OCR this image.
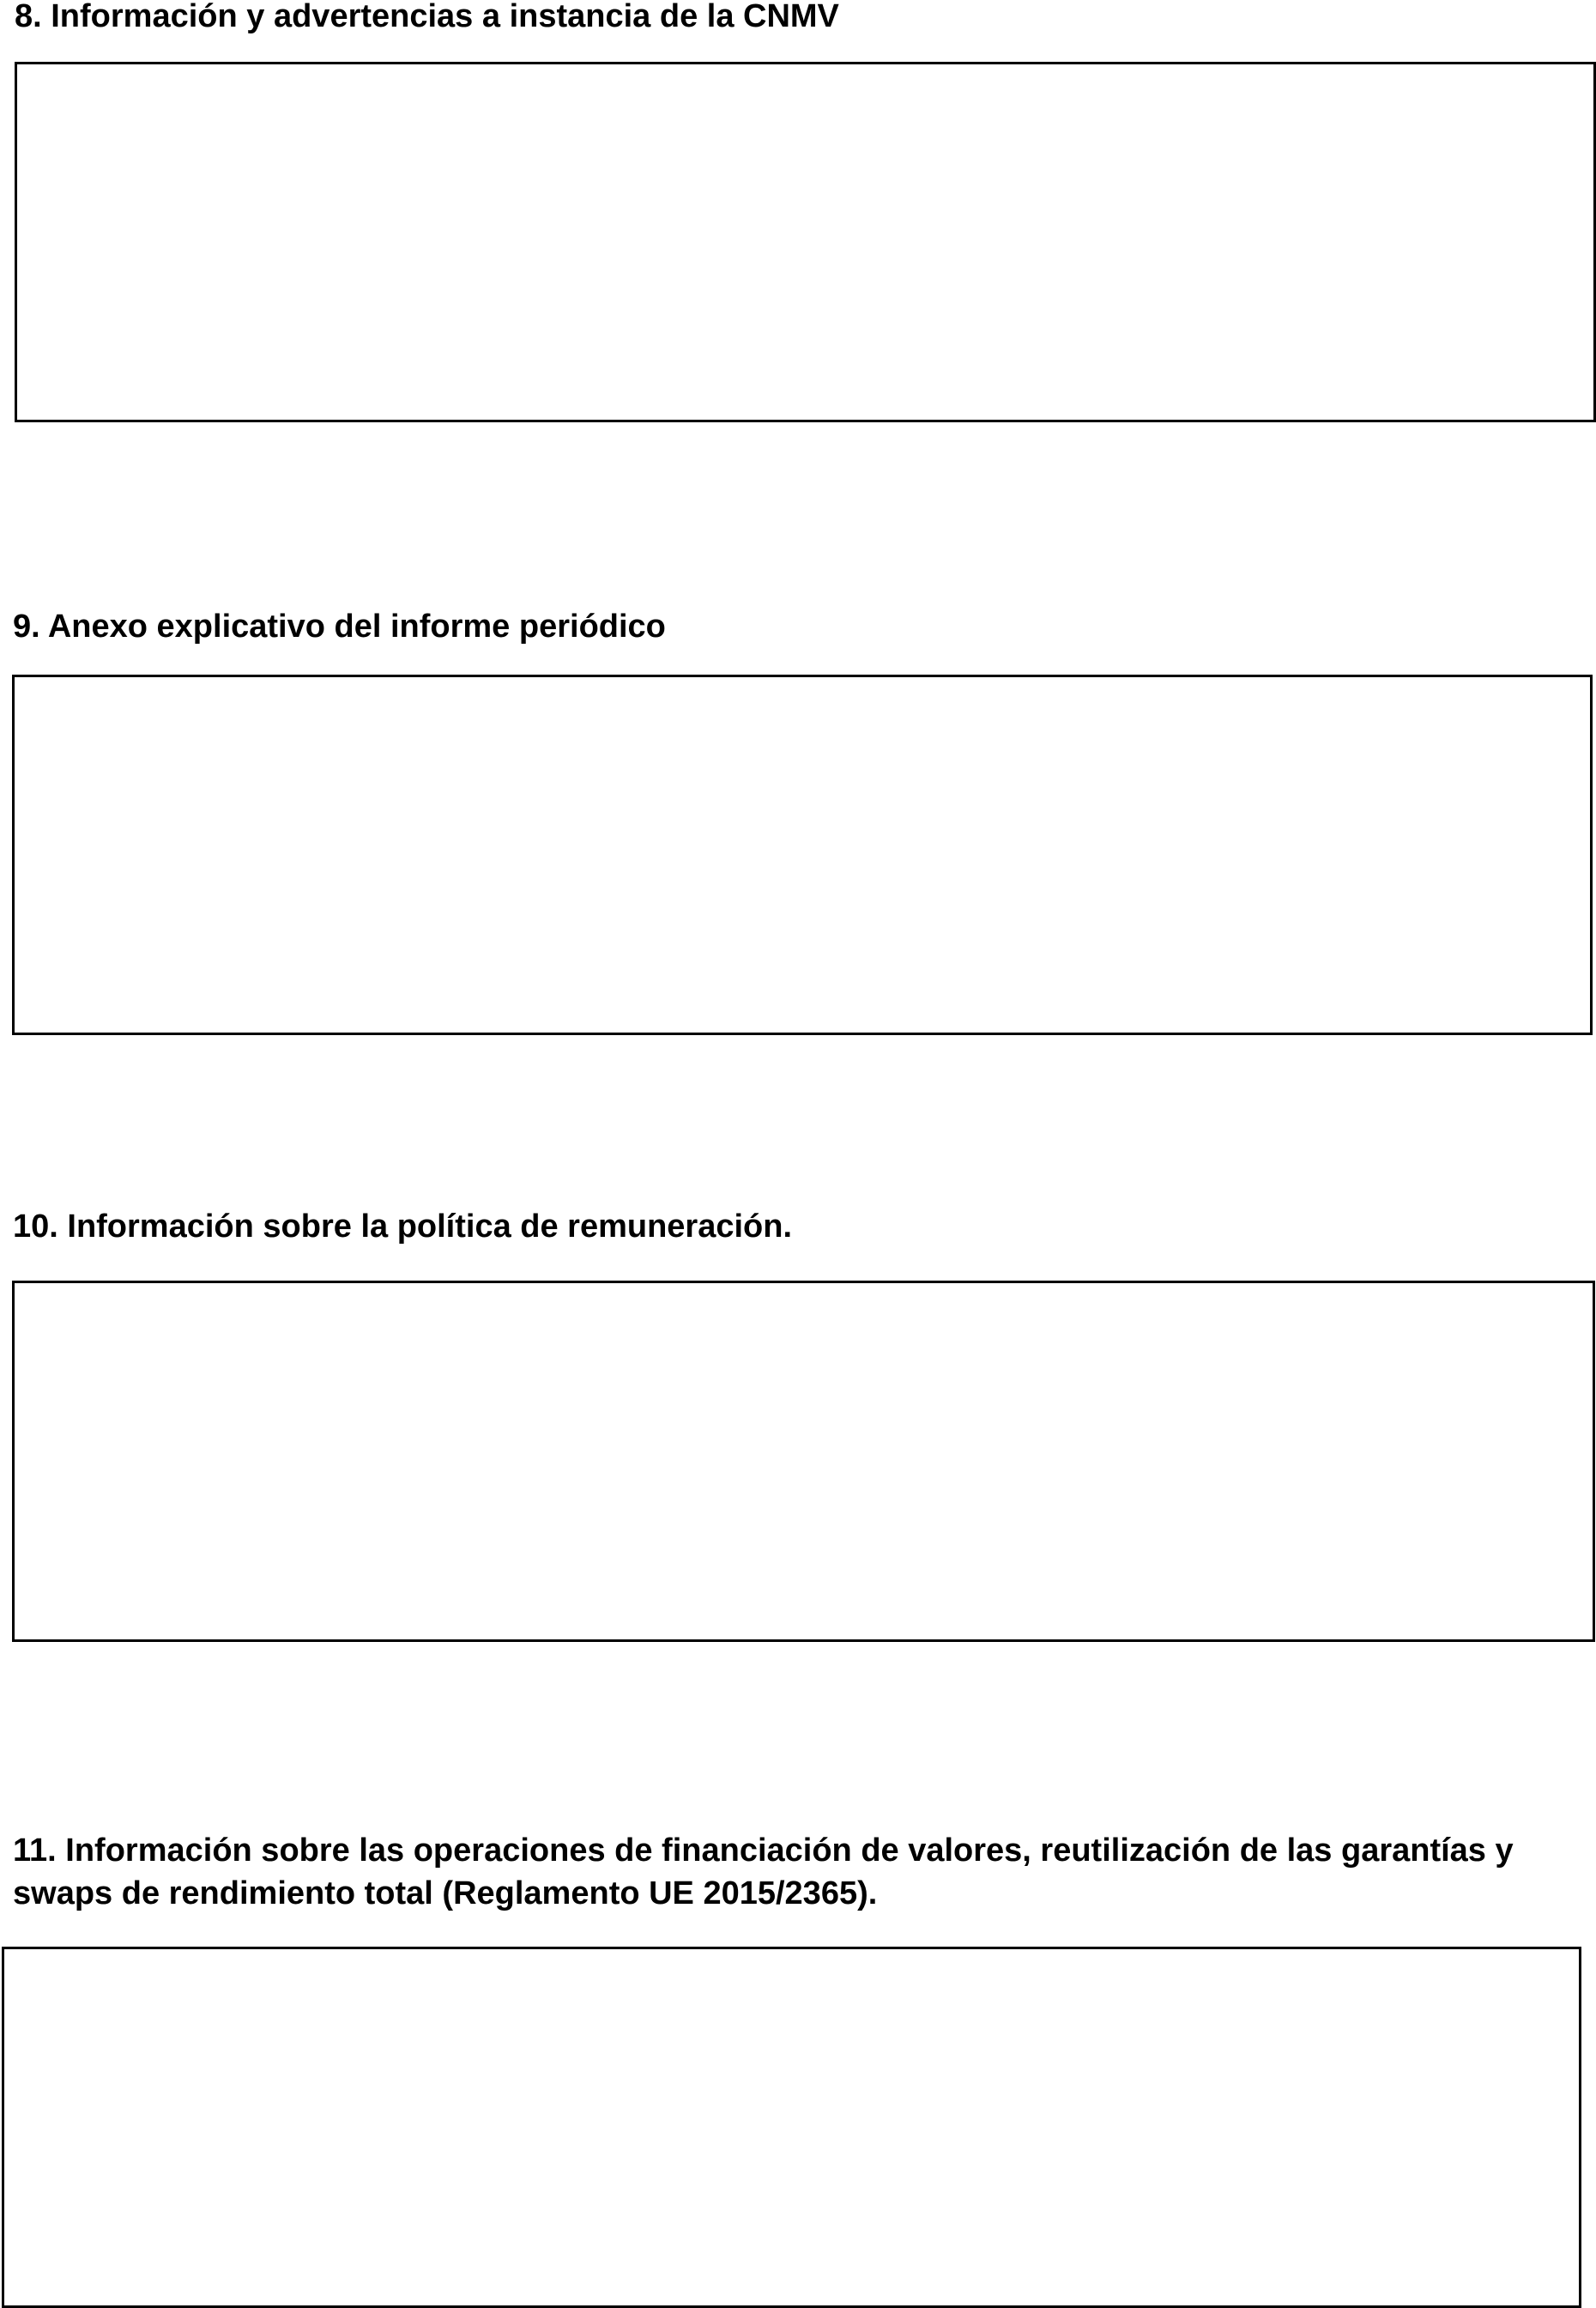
8. Información y advertencias a instancia de la CNMV
9. Anexo explicativo del informe periódico
10. Información sobre la política de remuneración.
11. Información sobre las operaciones de financiación de valores, reutilización de las garantías y
swaps de rendimiento total (Reglamento UE 2015/2365).
